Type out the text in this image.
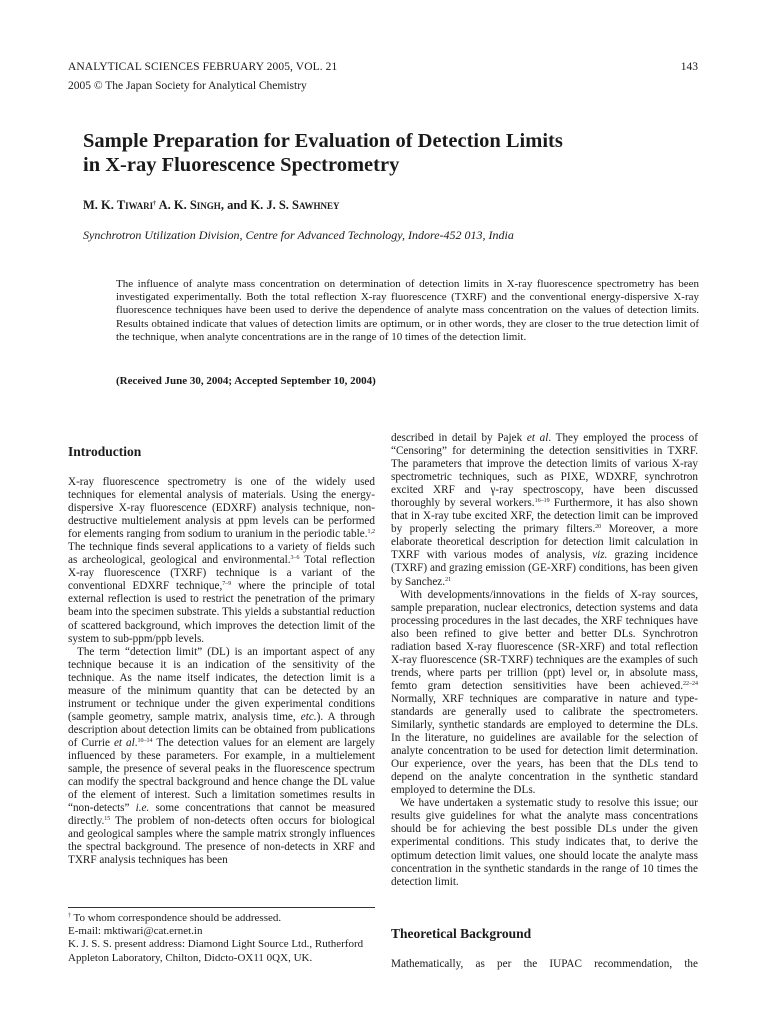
ANALYTICAL SCIENCES FEBRUARY 2005, VOL. 21	143
2005 © The Japan Society for Analytical Chemistry
Sample Preparation for Evaluation of Detection Limits
in X-ray Fluorescence Spectrometry
M. K. Tiwari† A. K. Singh, and K. J. S. Sawhney
Synchrotron Utilization Division, Centre for Advanced Technology, Indore-452 013, India

The influence of analyte mass concentration on determination of detection limits in X-ray fluorescence spectrometry has been investigated experimentally. Both the total reflection X-ray fluorescence (TXRF) and the conventional energy-dispersive X-ray fluorescence techniques have been used to derive the dependence of analyte mass concentration on the values of detection limits. Results obtained indicate that values of detection limits are optimum, or in other words, they are closer to the true detection limit of the technique, when analyte concentrations are in the range of 10 times of the detection limit.

(Received June 30, 2004; Accepted September 10, 2004)
Introduction

X-ray fluorescence spectrometry is one of the widely used techniques for elemental analysis of materials. Using the energy-dispersive X-ray fluorescence (EDXRF) analysis technique, non-destructive multielement analysis at ppm levels can be performed for elements ranging from sodium to uranium in the periodic table.$^{1,2}$ The technique finds several applications to a variety of fields such as archeological, geological and environmental.$^{3-6}$ Total reflection X-ray fluorescence (TXRF) technique is a variant of the conventional EDXRF technique,$^{7-9}$ where the principle of total external reflection is used to restrict the penetration of the primary beam into the specimen substrate. This yields a substantial reduction of scattered background, which improves the detection limit of the system to sub-ppm/ppb levels.

The term “detection limit” (DL) is an important aspect of any technique because it is an indication of the sensitivity of the technique. As the name itself indicates, the detection limit is a measure of the minimum quantity that can be detected by an instrument or technique under the given experimental conditions (sample geometry, sample matrix, analysis time, etc.). A through description about detection limits can be obtained from publications of Currie et al.$^{10-14}$ The detection values for an element are largely influenced by these parameters. For example, in a multielement sample, the presence of several peaks in the fluorescence spectrum can modify the spectral background and hence change the DL value of the element of interest. Such a limitation sometimes results in “non-detects” i.e. some concentrations that cannot be measured directly.$^{15}$ The problem of non-detects often occurs for biological and geological samples where the sample matrix strongly influences the spectral background. The presence of non-detects in XRF and TXRF analysis techniques has been

† To whom correspondence should be addressed.
E-mail: mktiwari@cat.ernet.in
K. J. S. S. present address: Diamond Light Source Ltd., Rutherford
Appleton Laboratory, Chilton, Didcto-OX11 0QX, UK.

described in detail by Pajek et al. They employed the process of “Censoring” for determining the detection sensitivities in TXRF. The parameters that improve the detection limits of various X-ray spectrometric techniques, such as PIXE, WDXRF, synchrotron excited XRF and γ-ray spectroscopy, have been discussed thoroughly by several workers.$^{16-19}$ Furthermore, it has also shown that in X-ray tube excited XRF, the detection limit can be improved by properly selecting the primary filters.$^{20}$ Moreover, a more elaborate theoretical description for detection limit calculation in TXRF with various modes of analysis, viz. grazing incidence (TXRF) and grazing emission (GE-XRF) conditions, has been given by Sanchez.$^{21}$

With developments/innovations in the fields of X-ray sources, sample preparation, nuclear electronics, detection systems and data processing procedures in the last decades, the XRF techniques have also been refined to give better and better DLs. Synchrotron radiation based X-ray fluorescence (SR-XRF) and total reflection X-ray fluorescence (SR-TXRF) techniques are the examples of such trends, where parts per trillion (ppt) level or, in absolute mass, femto gram detection sensitivities have been achieved.$^{22-24}$ Normally, XRF techniques are comparative in nature and type-standards are generally used to calibrate the spectrometers. Similarly, synthetic standards are employed to determine the DLs. In the literature, no guidelines are available for the selection of analyte concentration to be used for detection limit determination. Our experience, over the years, has been that the DLs tend to depend on the analyte concentration in the synthetic standard employed to determine the DLs.

We have undertaken a systematic study to resolve this issue; our results give guidelines for what the analyte mass concentrations should be for achieving the best possible DLs under the given experimental conditions. This study indicates that, to derive the optimum detection limit values, one should locate the analyte mass concentration in the synthetic standards in the range of 10 times the detection limit.

Theoretical Background
Mathematically, as per the IUPAC recommendation, the
